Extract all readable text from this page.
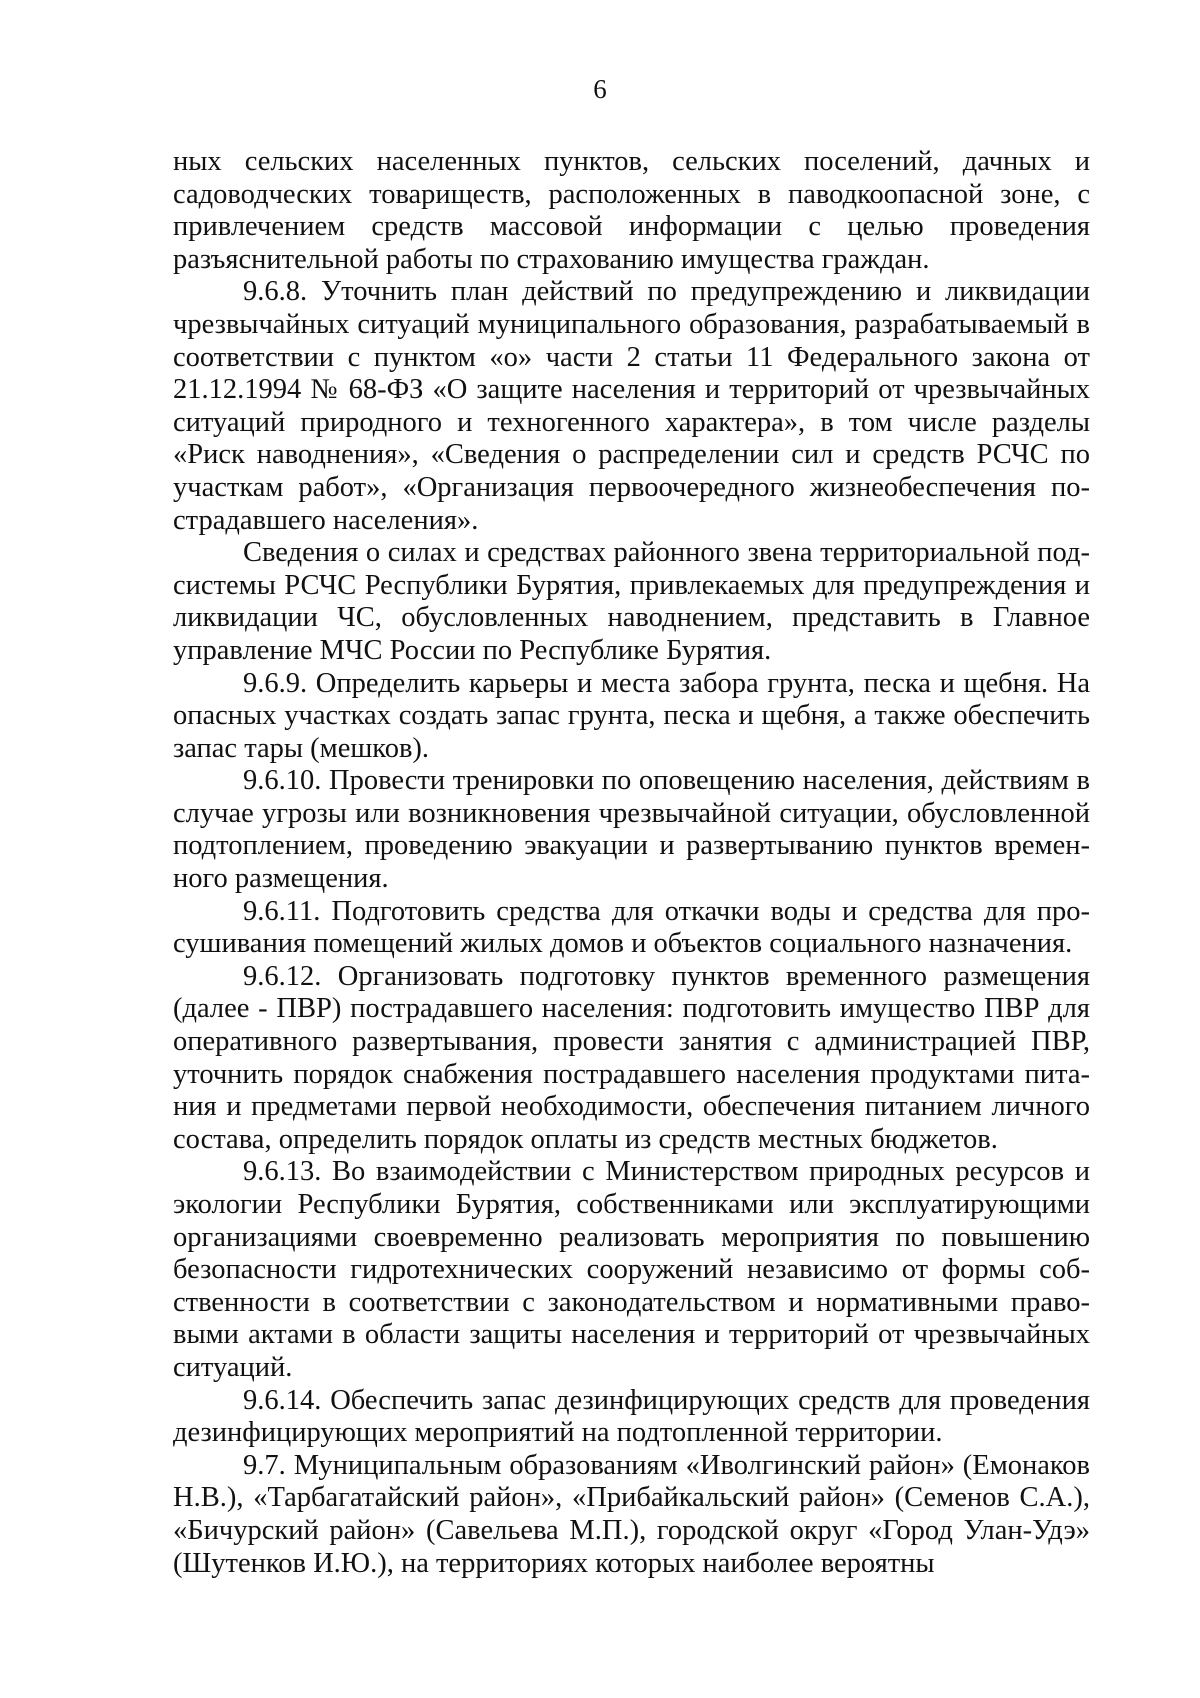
6

ных сельских населенных пунктов, сельских поселений, дачных и садоводческих товариществ, расположенных в паводкоопасной зоне, с привлечением средств массовой информации с целью проведения разъяснительной работы по страхованию имущества граждан.

9.6.8. Уточнить план действий по предупреждению и ликвидации чрезвычайных ситуаций муниципального образования, разрабатываемый в соответствии с пунктом «о» части 2 статьи 11 Федерального закона от 21.12.1994 № 68-ФЗ «О защите населения и территорий от чрезвычайных ситуаций природного и техногенного характера», в том числе разделы «Риск наводнения», «Сведения о распределении сил и средств РСЧС по участкам работ», «Организация первоочередного жизнеобеспечения пострадавшего населения».

Сведения о силах и средствах районного звена территориальной подсистемы РСЧС Республики Бурятия, привлекаемых для предупреждения и ликвидации ЧС, обусловленных наводнением, представить в Главное управление МЧС России по Республике Бурятия.

9.6.9. Определить карьеры и места забора грунта, песка и щебня. На опасных участках создать запас грунта, песка и щебня, а также обеспечить запас тары (мешков).

9.6.10. Провести тренировки по оповещению населения, действиям в случае угрозы или возникновения чрезвычайной ситуации, обусловленной подтоплением, проведению эвакуации и развертыванию пунктов временного размещения.

9.6.11. Подготовить средства для откачки воды и средства для просушивания помещений жилых домов и объектов социального назначения.

9.6.12. Организовать подготовку пунктов временного размещения (далее - ПВР) пострадавшего населения: подготовить имущество ПВР для оперативного развертывания, провести занятия с администрацией ПВР, уточнить порядок снабжения пострадавшего населения продуктами питания и предметами первой необходимости, обеспечения питанием личного состава, определить порядок оплаты из средств местных бюджетов.

9.6.13. Во взаимодействии с Министерством природных ресурсов и экологии Республики Бурятия, собственниками или эксплуатирующими организациями своевременно реализовать мероприятия по повышению безопасности гидротехнических сооружений независимо от формы собственности в соответствии с законодательством и нормативными правовыми актами в области защиты населения и территорий от чрезвычайных ситуаций.

9.6.14. Обеспечить запас дезинфицирующих средств для проведения дезинфицирующих мероприятий на подтопленной территории.

9.7. Муниципальным образованиям «Иволгинский район» (Емонаков Н.В.), «Тарбагатайский район», «Прибайкальский район» (Семенов С.А.), «Бичурский район» (Савельева М.П.), городской округ «Город Улан-Удэ» (Шутенков И.Ю.), на территориях которых наиболее вероятны
